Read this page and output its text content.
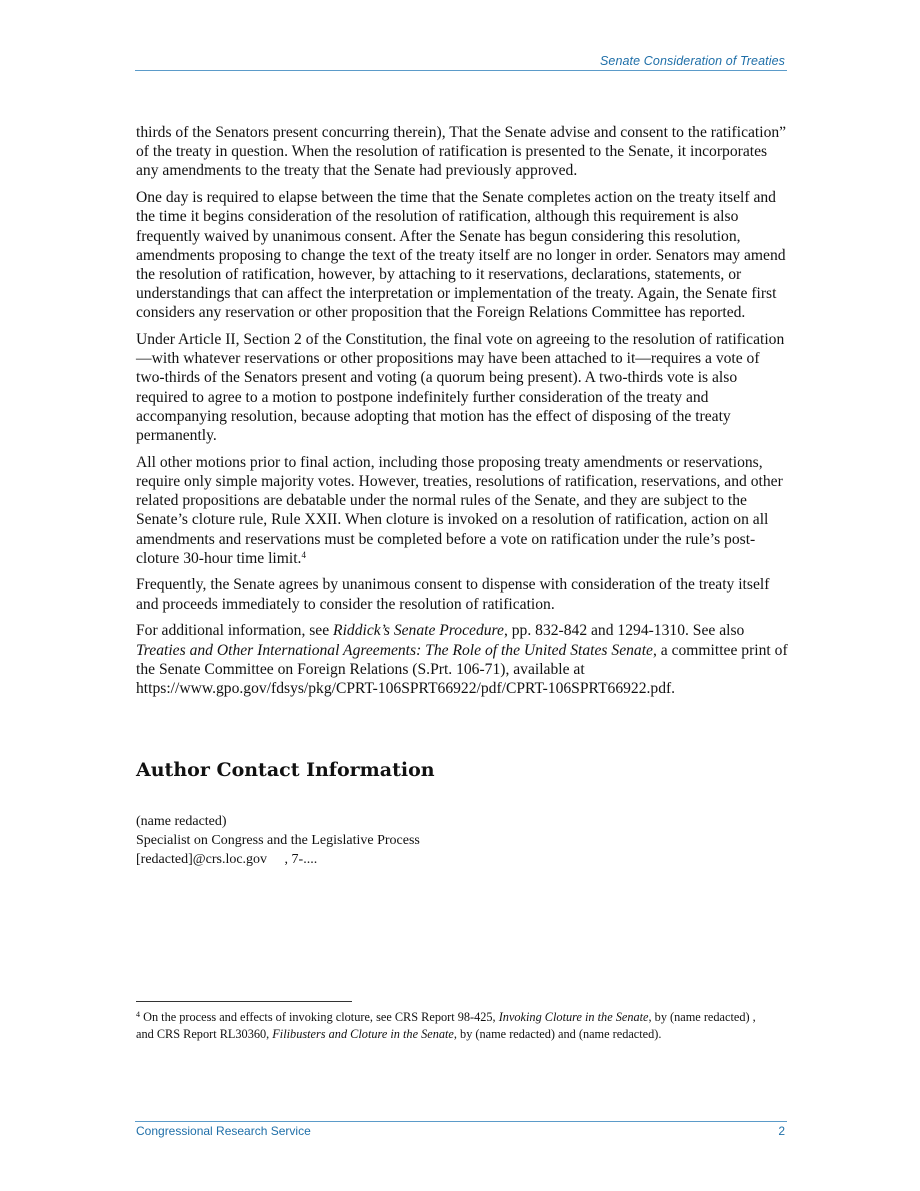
Senate Consideration of Treaties

thirds of the Senators present concurring therein), That the Senate advise and consent to the ratification” of the treaty in question. When the resolution of ratification is presented to the Senate, it incorporates any amendments to the treaty that the Senate had previously approved.

One day is required to elapse between the time that the Senate completes action on the treaty itself and the time it begins consideration of the resolution of ratification, although this requirement is also frequently waived by unanimous consent. After the Senate has begun considering this resolution, amendments proposing to change the text of the treaty itself are no longer in order. Senators may amend the resolution of ratification, however, by attaching to it reservations, declarations, statements, or understandings that can affect the interpretation or implementation of the treaty. Again, the Senate first considers any reservation or other proposition that the Foreign Relations Committee has reported.

Under Article II, Section 2 of the Constitution, the final vote on agreeing to the resolution of ratification—with whatever reservations or other propositions may have been attached to it—requires a vote of two-thirds of the Senators present and voting (a quorum being present). A two-thirds vote is also required to agree to a motion to postpone indefinitely further consideration of the treaty and accompanying resolution, because adopting that motion has the effect of disposing of the treaty permanently.

All other motions prior to final action, including those proposing treaty amendments or reservations, require only simple majority votes. However, treaties, resolutions of ratification, reservations, and other related propositions are debatable under the normal rules of the Senate, and they are subject to the Senate’s cloture rule, Rule XXII. When cloture is invoked on a resolution of ratification, action on all amendments and reservations must be completed before a vote on ratification under the rule’s post-cloture 30-hour time limit.$^4$

Frequently, the Senate agrees by unanimous consent to dispense with consideration of the treaty itself and proceeds immediately to consider the resolution of ratification.

For additional information, see Riddick’s Senate Procedure, pp. 832-842 and 1294-1310. See also Treaties and Other International Agreements: The Role of the United States Senate, a committee print of the Senate Committee on Foreign Relations (S.Prt. 106-71), available at https://www.gpo.gov/fdsys/pkg/CPRT-106SPRT66922/pdf/CPRT-106SPRT66922.pdf.

Author Contact Information
(name redacted)
Specialist on Congress and the Legislative Process
[redacted]@crs.loc.gov     , 7-....
$^4$ On the process and effects of invoking cloture, see CRS Report 98-425, Invoking Cloture in the Senate, by (name redacted) , and CRS Report RL30360, Filibusters and Cloture in the Senate, by (name redacted) and (name redacted).
Congressional Research Service	2
